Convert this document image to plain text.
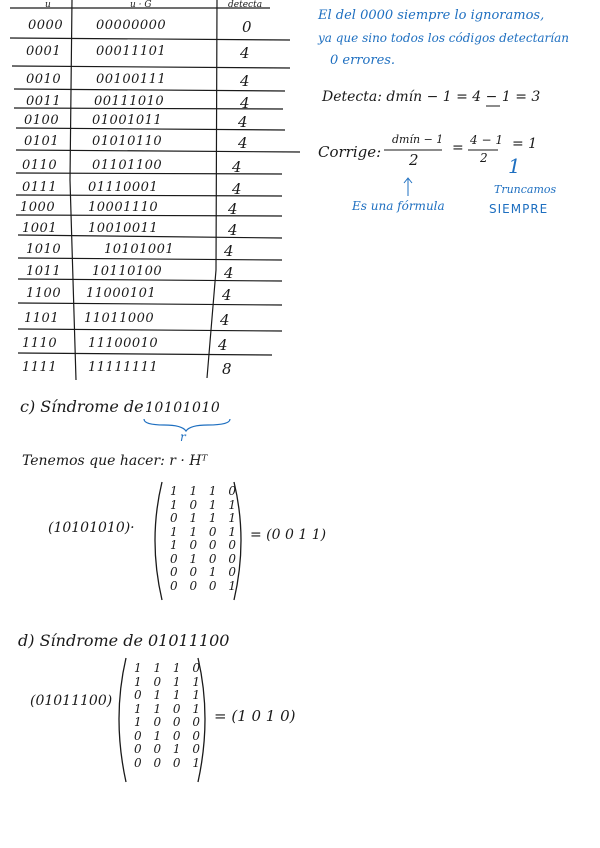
u	u · G	detecta
0000	00000000	0
0001	00011101	4
0010	00100111	4
0011	00111010	4
0100	01001011	4
0101	01010110	4
0110	01101100	4
0111 01110001	4
1000	10001110	4
1001 10010011	4
1010	10101001	4
1011 10110100	4
1100 11000101	4
1101 11011000	4
1110 11100010	4
1111 11111111	8
El del 0000 siempre lo ignoramos,
ya que sino todos los códigos detectarían
0 errores.
Detecta: dmín − 1 = 4 − 1 = 3
Corrige:
dmín − 1
2
= 4 − 1
2
= 1
1
Es una fórmula
Truncamos
SIEMPRE
c) Síndrome de 10101010
r
Tenemos que hacer: r · Hᵀ
(10101010)·
1 1 1 0
1 0 1 1
0 1 1 1
1 1 0 1
1 0 0 0
0 1 0 0
0 0 1 0
0 0 0 1
= (0 0 1 1)
d) Síndrome de 01011100
(01011100)
1 1 1 0
1 0 1 1
0 1 1 1
1 1 0 1
1 0 0 0
0 1 0 0
0 0 1 0
0 0 0 1
= (1 0 1 0)
